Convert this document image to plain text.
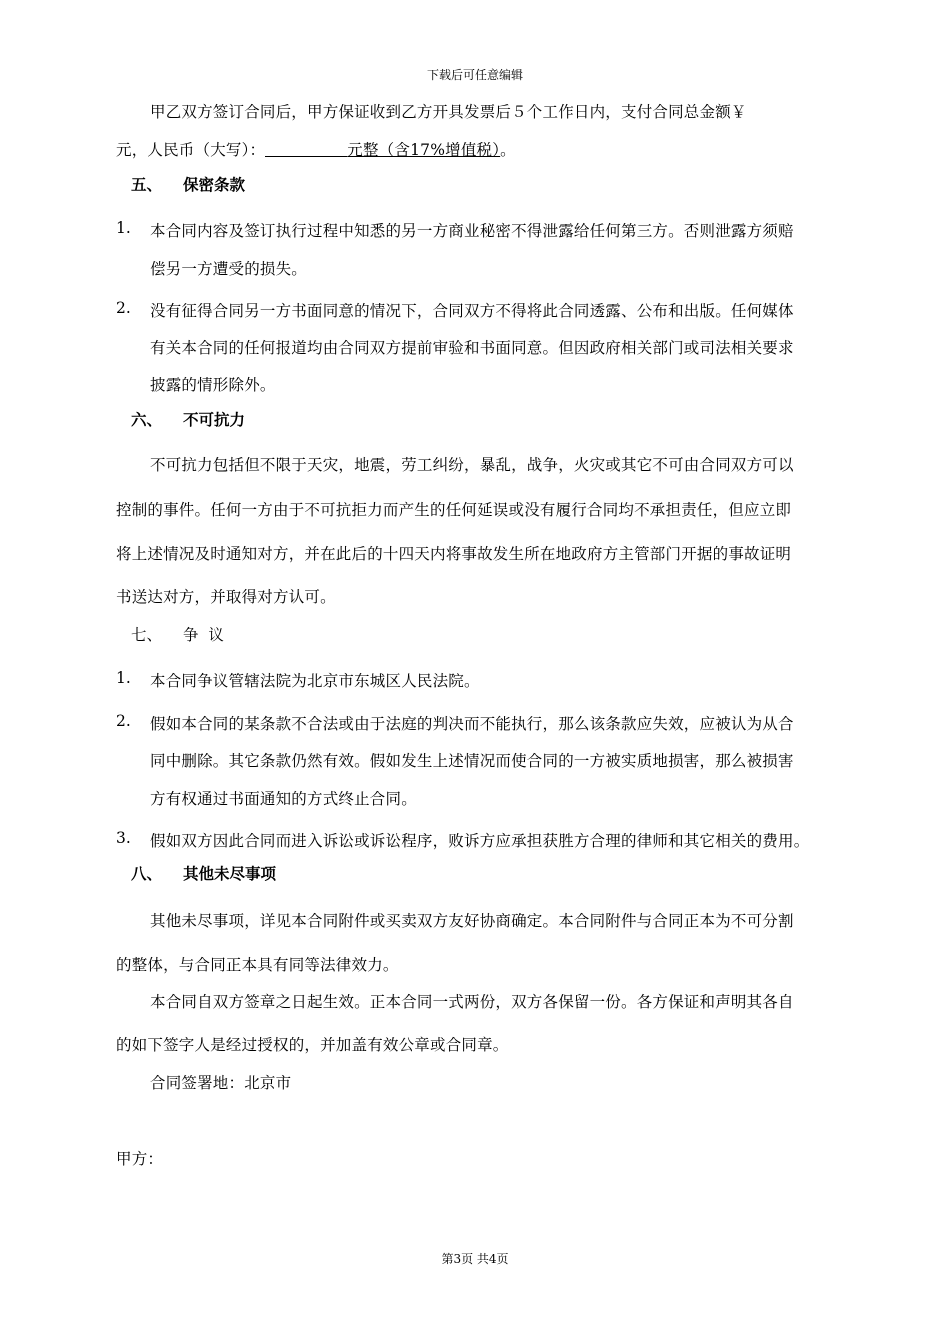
下载后可任意编辑
甲乙双方签订合同后，甲方保证收到乙方开具发票后５个工作日内，支付合同总金额￥
元，人民币（大写）：	元整（含17%增值税）。
五、 保密条款
1. 本合同内容及签订执行过程中知悉的另一方商业秘密不得泄露给任何第三方。否则泄露方须赔
偿另一方遭受的损失。
2. 没有征得合同另一方书面同意的情况下，合同双方不得将此合同透露、公布和出版。任何媒体
有关本合同的任何报道均由合同双方提前审验和书面同意。但因政府相关部门或司法相关要求
披露的情形除外。
六、 不可抗力
不可抗力包括但不限于天灾，地震，劳工纠纷，暴乱，战争，火灾或其它不可由合同双方可以
控制的事件。任何一方由于不可抗拒力而产生的任何延误或没有履行合同均不承担责任，但应立即
将上述情况及时通知对方，并在此后的十四天内将事故发生所在地政府方主管部门开据的事故证明
书送达对方，并取得对方认可。
七、 争  议
1. 本合同争议管辖法院为北京市东城区人民法院。
2. 假如本合同的某条款不合法或由于法庭的判决而不能执行，那么该条款应失效，应被认为从合
同中删除。其它条款仍然有效。假如发生上述情况而使合同的一方被实质地损害，那么被损害
方有权通过书面通知的方式终止合同。
3. 假如双方因此合同而进入诉讼或诉讼程序，败诉方应承担获胜方合理的律师和其它相关的费用。
八、 其他未尽事项
其他未尽事项，详见本合同附件或买卖双方友好协商确定。本合同附件与合同正本为不可分割
的整体，与合同正本具有同等法律效力。
本合同自双方签章之日起生效。正本合同一式两份，双方各保留一份。各方保证和声明其各自
的如下签字人是经过授权的，并加盖有效公章或合同章。
合同签署地：北京市
甲方：
第3页 共4页
